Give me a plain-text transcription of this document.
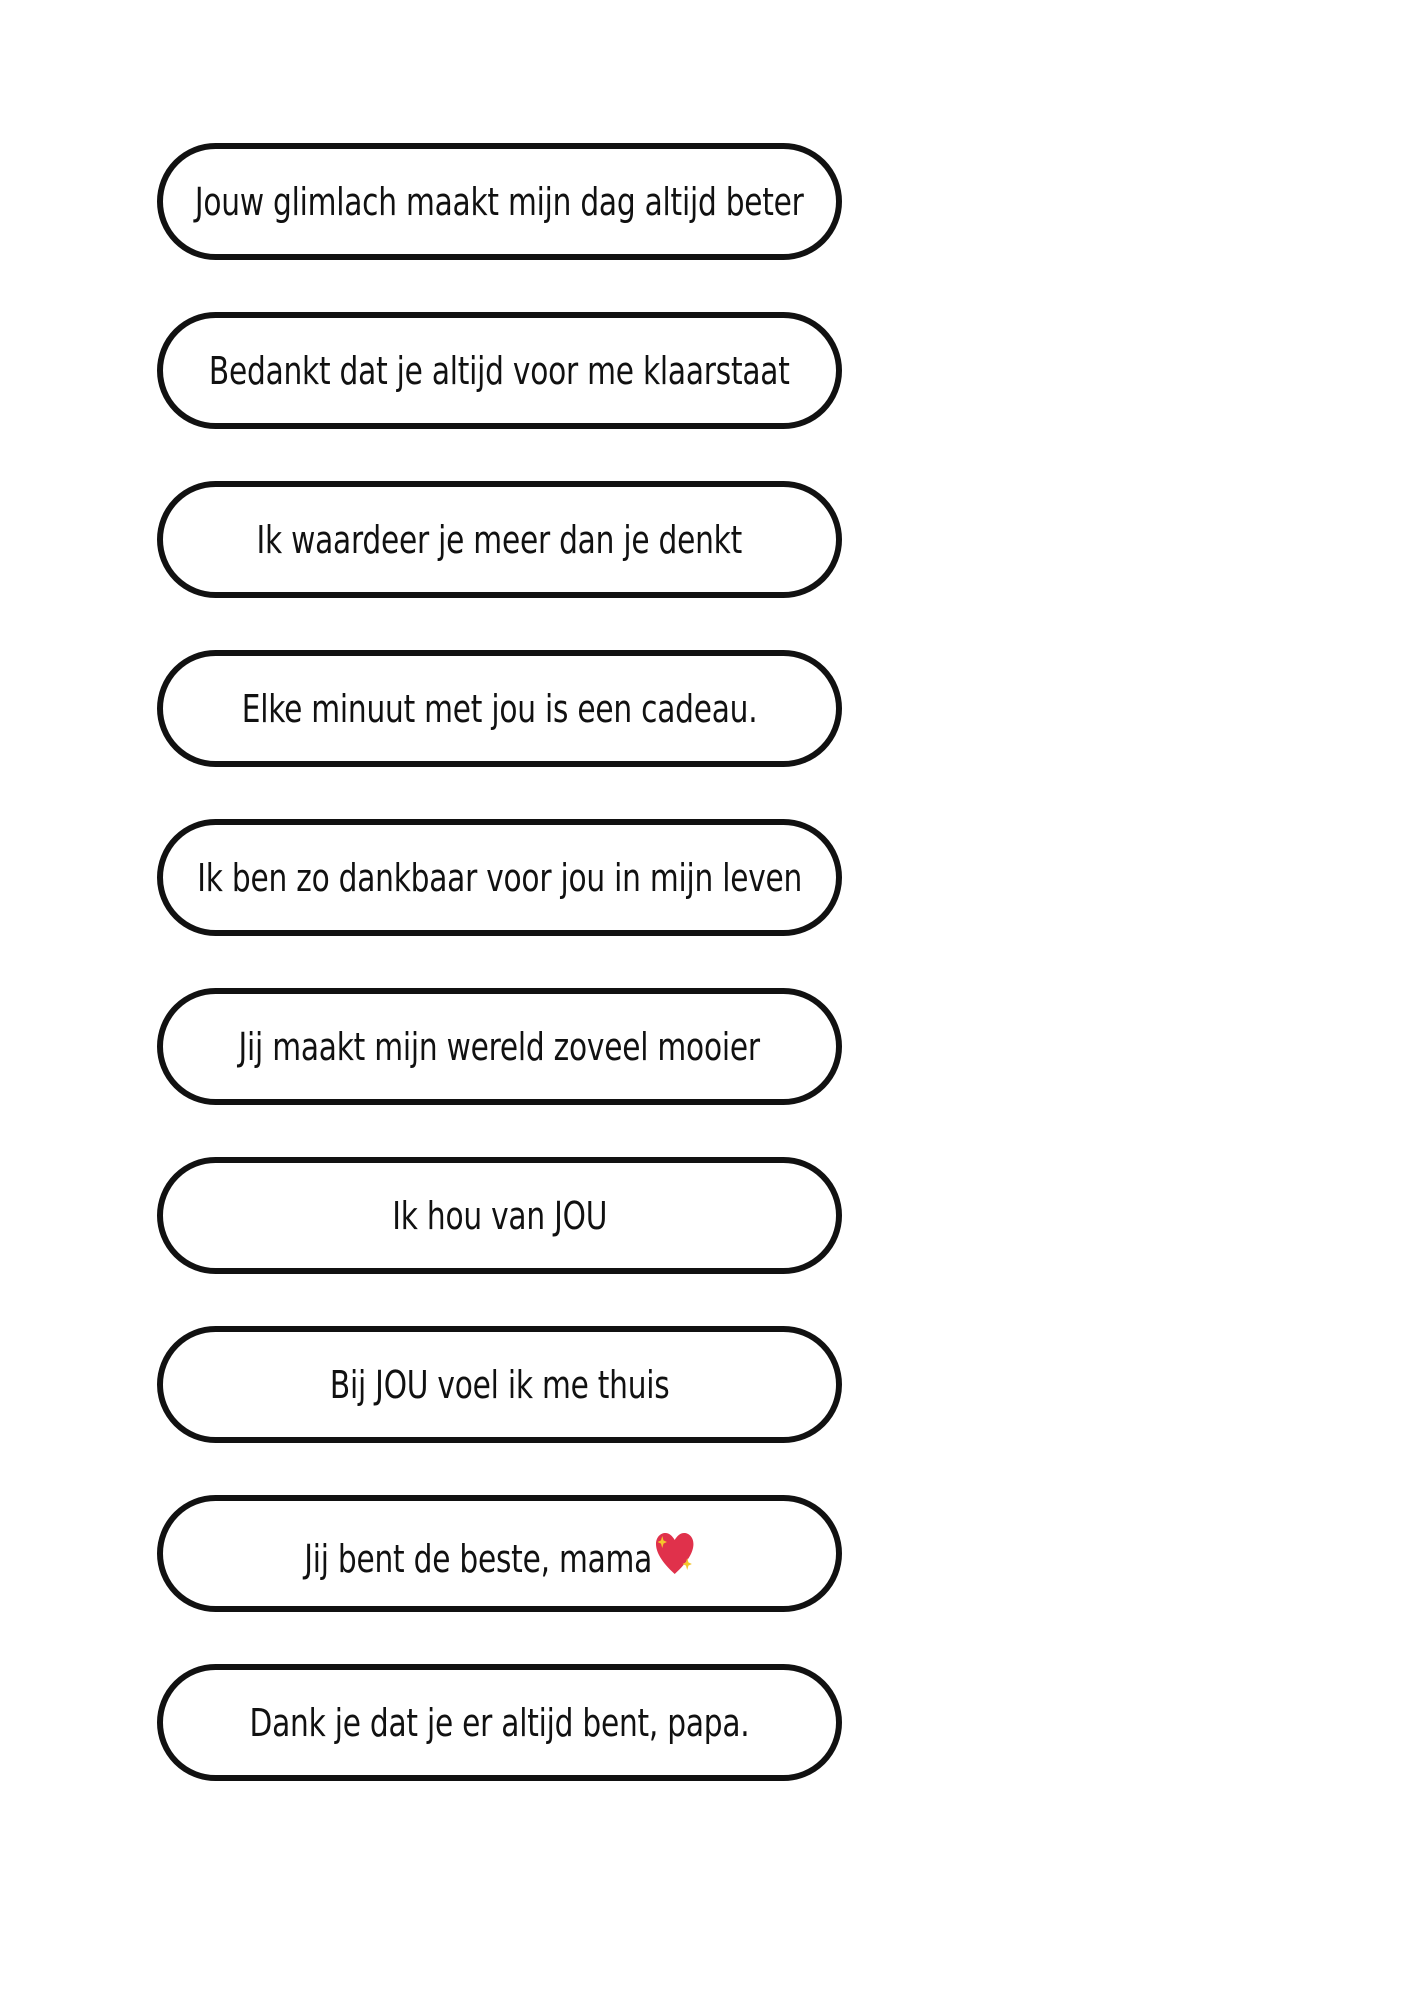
Jouw glimlach maakt mijn dag altijd beter
Bedankt dat je altijd voor me klaarstaat
Ik waardeer je meer dan je denkt
Elke minuut met jou is een cadeau.
Ik ben zo dankbaar voor jou in mijn leven
Jij maakt mijn wereld zoveel mooier
Ik hou van JOU
Bij JOU voel ik me thuis
Jij bent de beste, mama
Dank je dat je er altijd bent, papa.
